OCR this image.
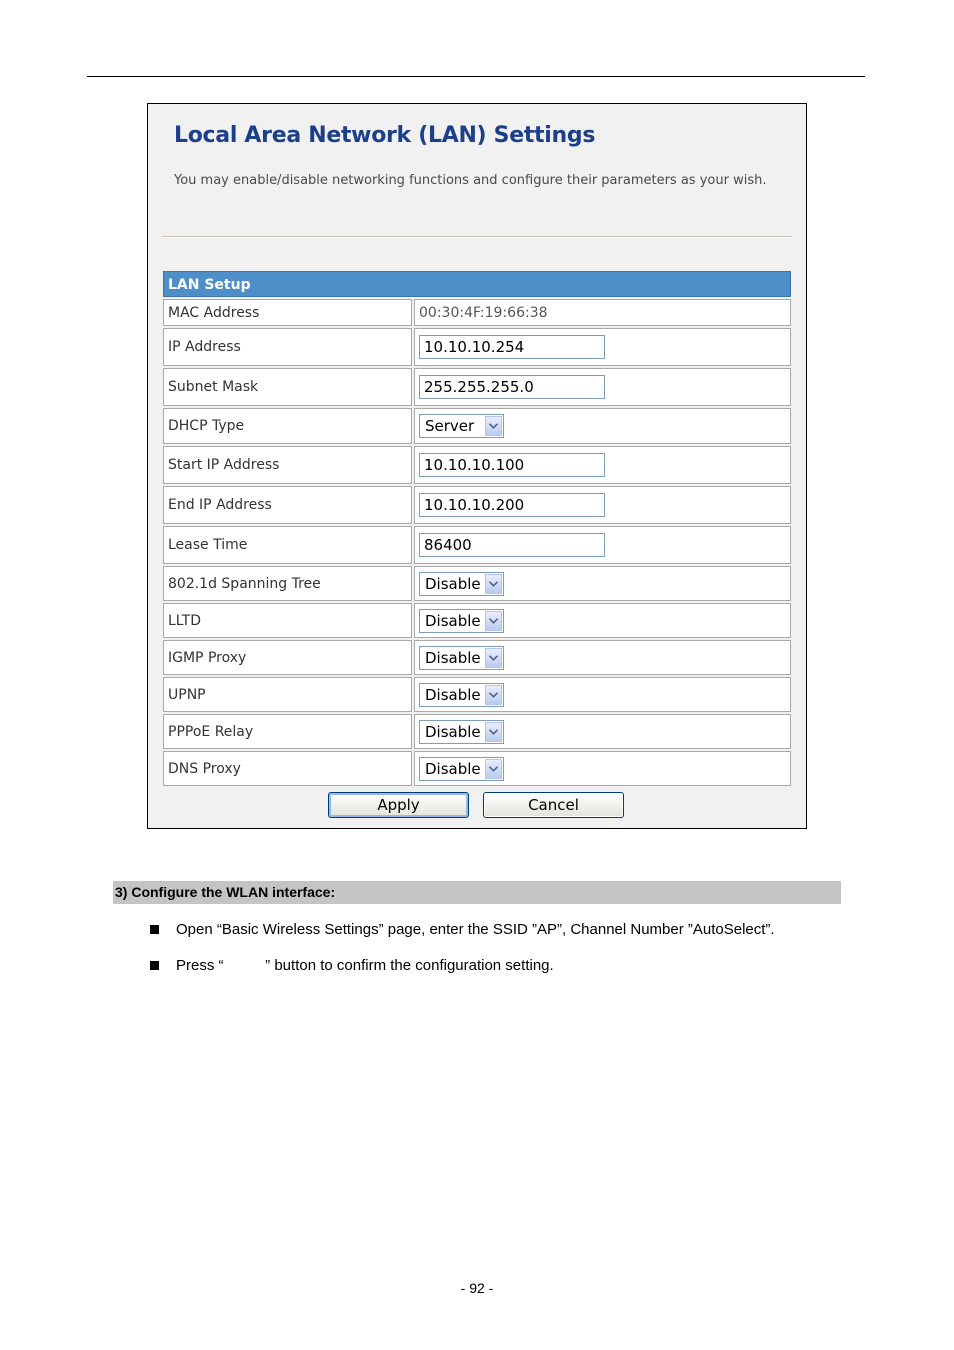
Local Area Network (LAN) Settings
You may enable/disable networking functions and configure their parameters as your wish.
LAN Setup
MAC Address	00:30:4F:19:66:38
IP Address	10.10.10.254
Subnet Mask	255.255.255.0
DHCP Type	Server
Start IP Address	10.10.10.100
End IP Address	10.10.10.200
Lease Time	86400
802.1d Spanning Tree	Disable
LLTD	Disable
IGMP Proxy	Disable
UPNP	Disable
PPPoE Relay	Disable
DNS Proxy	Disable
Apply	Cancel
3) Configure the WLAN interface:
Open “Basic Wireless Settings” page, enter the SSID ”AP”, Channel Number ”AutoSelect”.
Press “          ” button to confirm the configuration setting.
- 92 -
